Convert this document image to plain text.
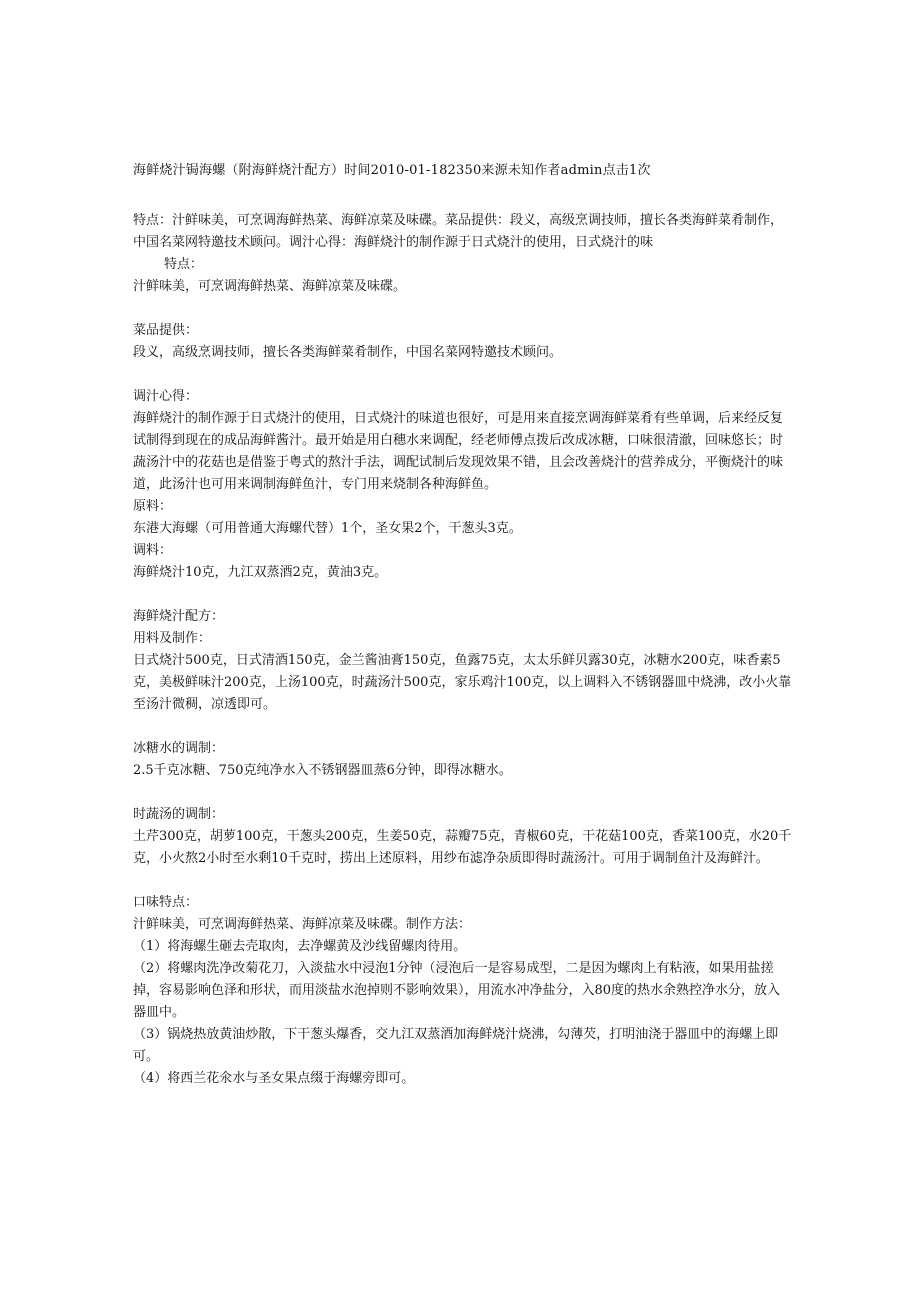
海鲜烧汁锔海螺（附海鲜烧汁配方）时间2010-01-182350来源未知作者admin点击1次

特点：汁鲜味美，可烹调海鲜热菜、海鲜凉菜及味碟。菜品提供：段义，高级烹调技师，擅长各类海鲜菜肴制作，中国名菜网特邀技术顾问。调汁心得：海鲜烧汁的制作源于日式烧汁的使用，日式烧汁的味

特点：

汁鲜味美，可烹调海鲜热菜、海鲜凉菜及味碟。

菜品提供：

段义，高级烹调技师，擅长各类海鲜菜肴制作，中国名菜网特邀技术顾问。

调汁心得：

海鲜烧汁的制作源于日式烧汁的使用，日式烧汁的味道也很好，可是用来直接烹调海鲜菜肴有些单调，后来经反复试制得到现在的成品海鲜酱汁。最开始是用白穗水来调配，经老师傅点拨后改成冰糖，口味很清澈，回味悠长；时蔬汤汁中的花菇也是借鉴于粤式的熬汁手法，调配试制后发现效果不错，且会改善烧汁的营养成分，平衡烧汁的味道，此汤汁也可用来调制海鲜鱼汁，专门用来烧制各种海鲜鱼。

原料：

东港大海螺（可用普通大海螺代替）1个，圣女果2个，干葱头3克。

调料：

海鲜烧汁10克，九江双蒸酒2克，黄油3克。

海鲜烧汁配方：

用料及制作：

日式烧汁500克，日式清酒150克，金兰酱油膏150克，鱼露75克，太太乐鲜贝露30克，冰糖水200克，味香素5克，美极鲜味汁200克，上汤100克，时蔬汤汁500克，家乐鸡汁100克，以上调料入不锈钢器皿中烧沸，改小火靠至汤汁微稠，凉透即可。

冰糖水的调制：

2.5千克冰糖、750克纯净水入不锈钢器皿蒸6分钟，即得冰糖水。

时蔬汤的调制：

土芹300克，胡萝100克，干葱头200克，生姜50克，蒜瓣75克，青椒60克，干花菇100克，香菜100克，水20千克，小火熬2小时至水剩10千克时，捞出上述原料，用纱布滤净杂质即得时蔬汤汁。可用于调制鱼汁及海鲜汁。

口味特点：

汁鲜味美，可烹调海鲜热菜、海鲜凉菜及味碟。制作方法：

（1）将海螺生砸去壳取肉，去净螺黄及沙线留螺肉待用。

（2）将螺肉洗净改菊花刀，入淡盐水中浸泡1分钟（浸泡后一是容易成型，二是因为螺肉上有粘液，如果用盐搓掉，容易影响色泽和形状，而用淡盐水泡掉则不影响效果），用流水冲净盐分，入80度的热水余熟控净水分，放入器皿中。

（3）锅烧热放黄油炒散，下干葱头爆香，交九江双蒸酒加海鲜烧汁烧沸，勾薄芡，打明油浇于器皿中的海螺上即可。

（4）将西兰花氽水与圣女果点缀于海螺旁即可。
